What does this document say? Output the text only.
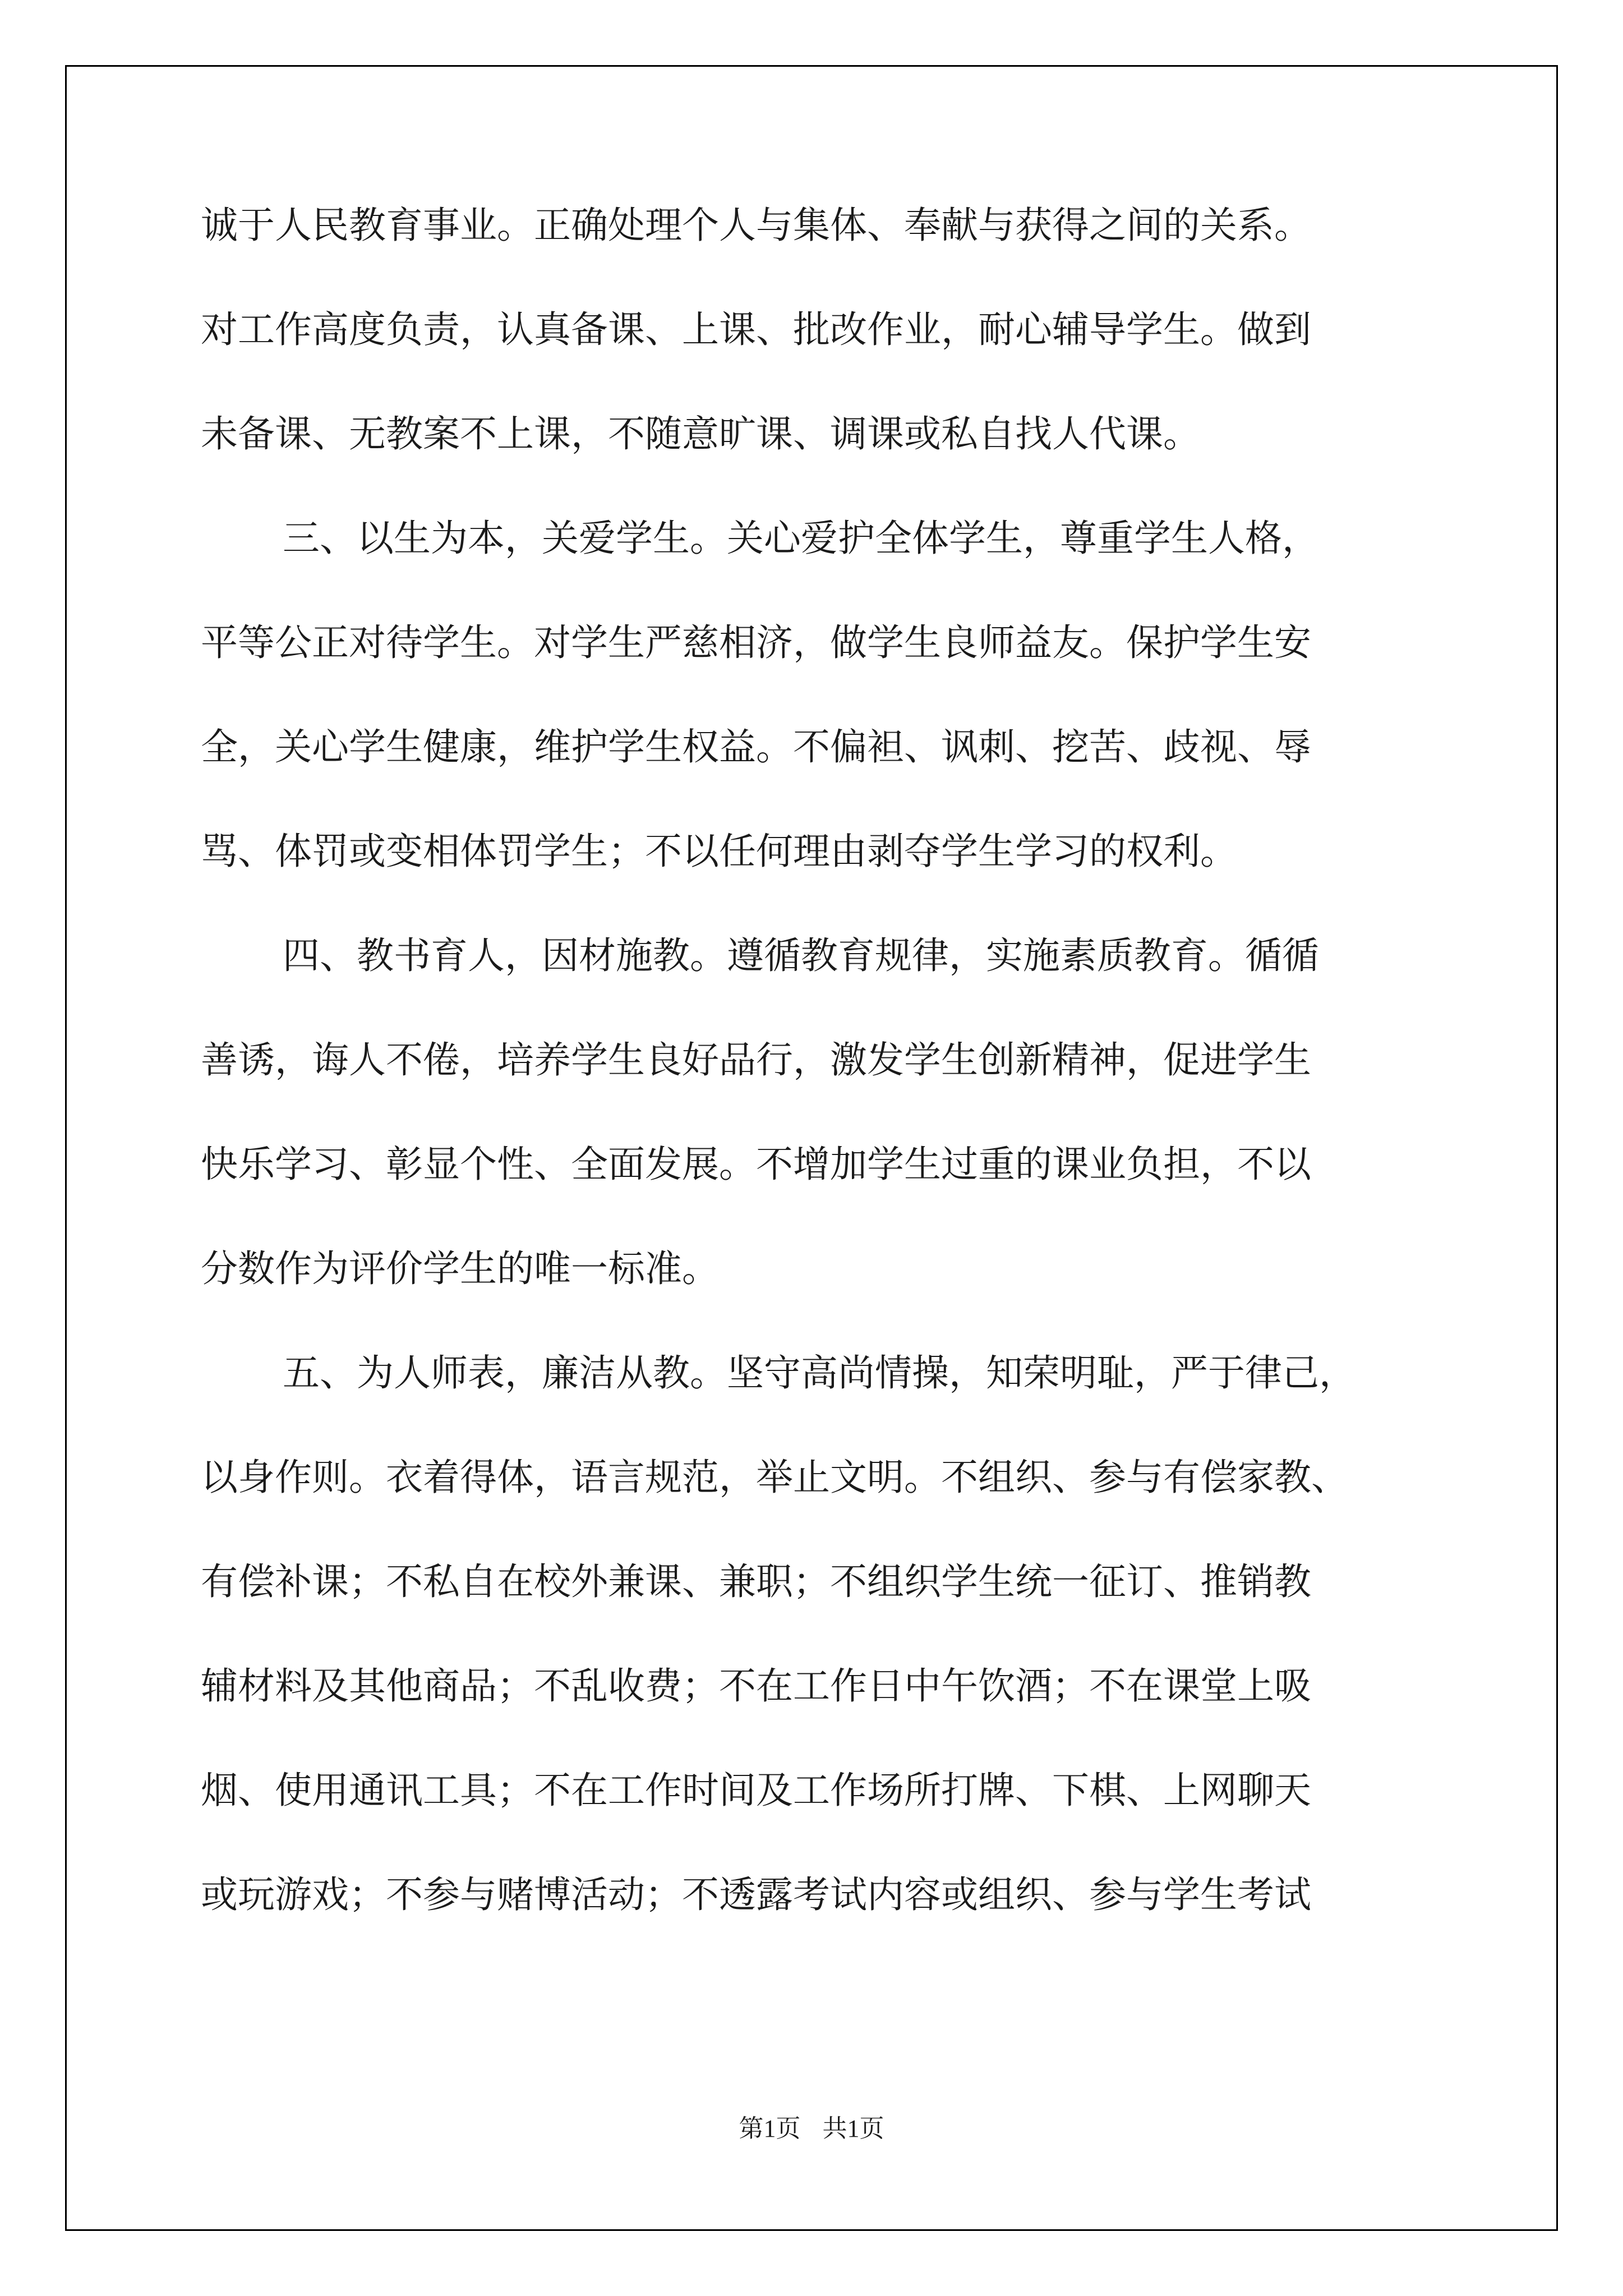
诚于人民教育事业。正确处理个人与集体、奉献与获得之间的关系。
对工作高度负责，认真备课、上课、批改作业，耐心辅导学生。做到
未备课、无教案不上课，不随意旷课、调课或私自找人代课。
三、以生为本，关爱学生。关心爱护全体学生，尊重学生人格，
平等公正对待学生。对学生严慈相济，做学生良师益友。保护学生安
全，关心学生健康，维护学生权益。不偏袒、讽刺、挖苦、歧视、辱
骂、体罚或变相体罚学生；不以任何理由剥夺学生学习的权利。
四、教书育人，因材施教。遵循教育规律，实施素质教育。循循
善诱，诲人不倦，培养学生良好品行，激发学生创新精神，促进学生
快乐学习、彰显个性、全面发展。不增加学生过重的课业负担，不以
分数作为评价学生的唯一标准。
五、为人师表，廉洁从教。坚守高尚情操，知荣明耻，严于律己，
以身作则。衣着得体，语言规范，举止文明。不组织、参与有偿家教、
有偿补课；不私自在校外兼课、兼职；不组织学生统一征订、推销教
辅材料及其他商品；不乱收费；不在工作日中午饮酒；不在课堂上吸
烟、使用通讯工具；不在工作时间及工作场所打牌、下棋、上网聊天
或玩游戏；不参与赌博活动；不透露考试内容或组织、参与学生考试
第1页 共1页
